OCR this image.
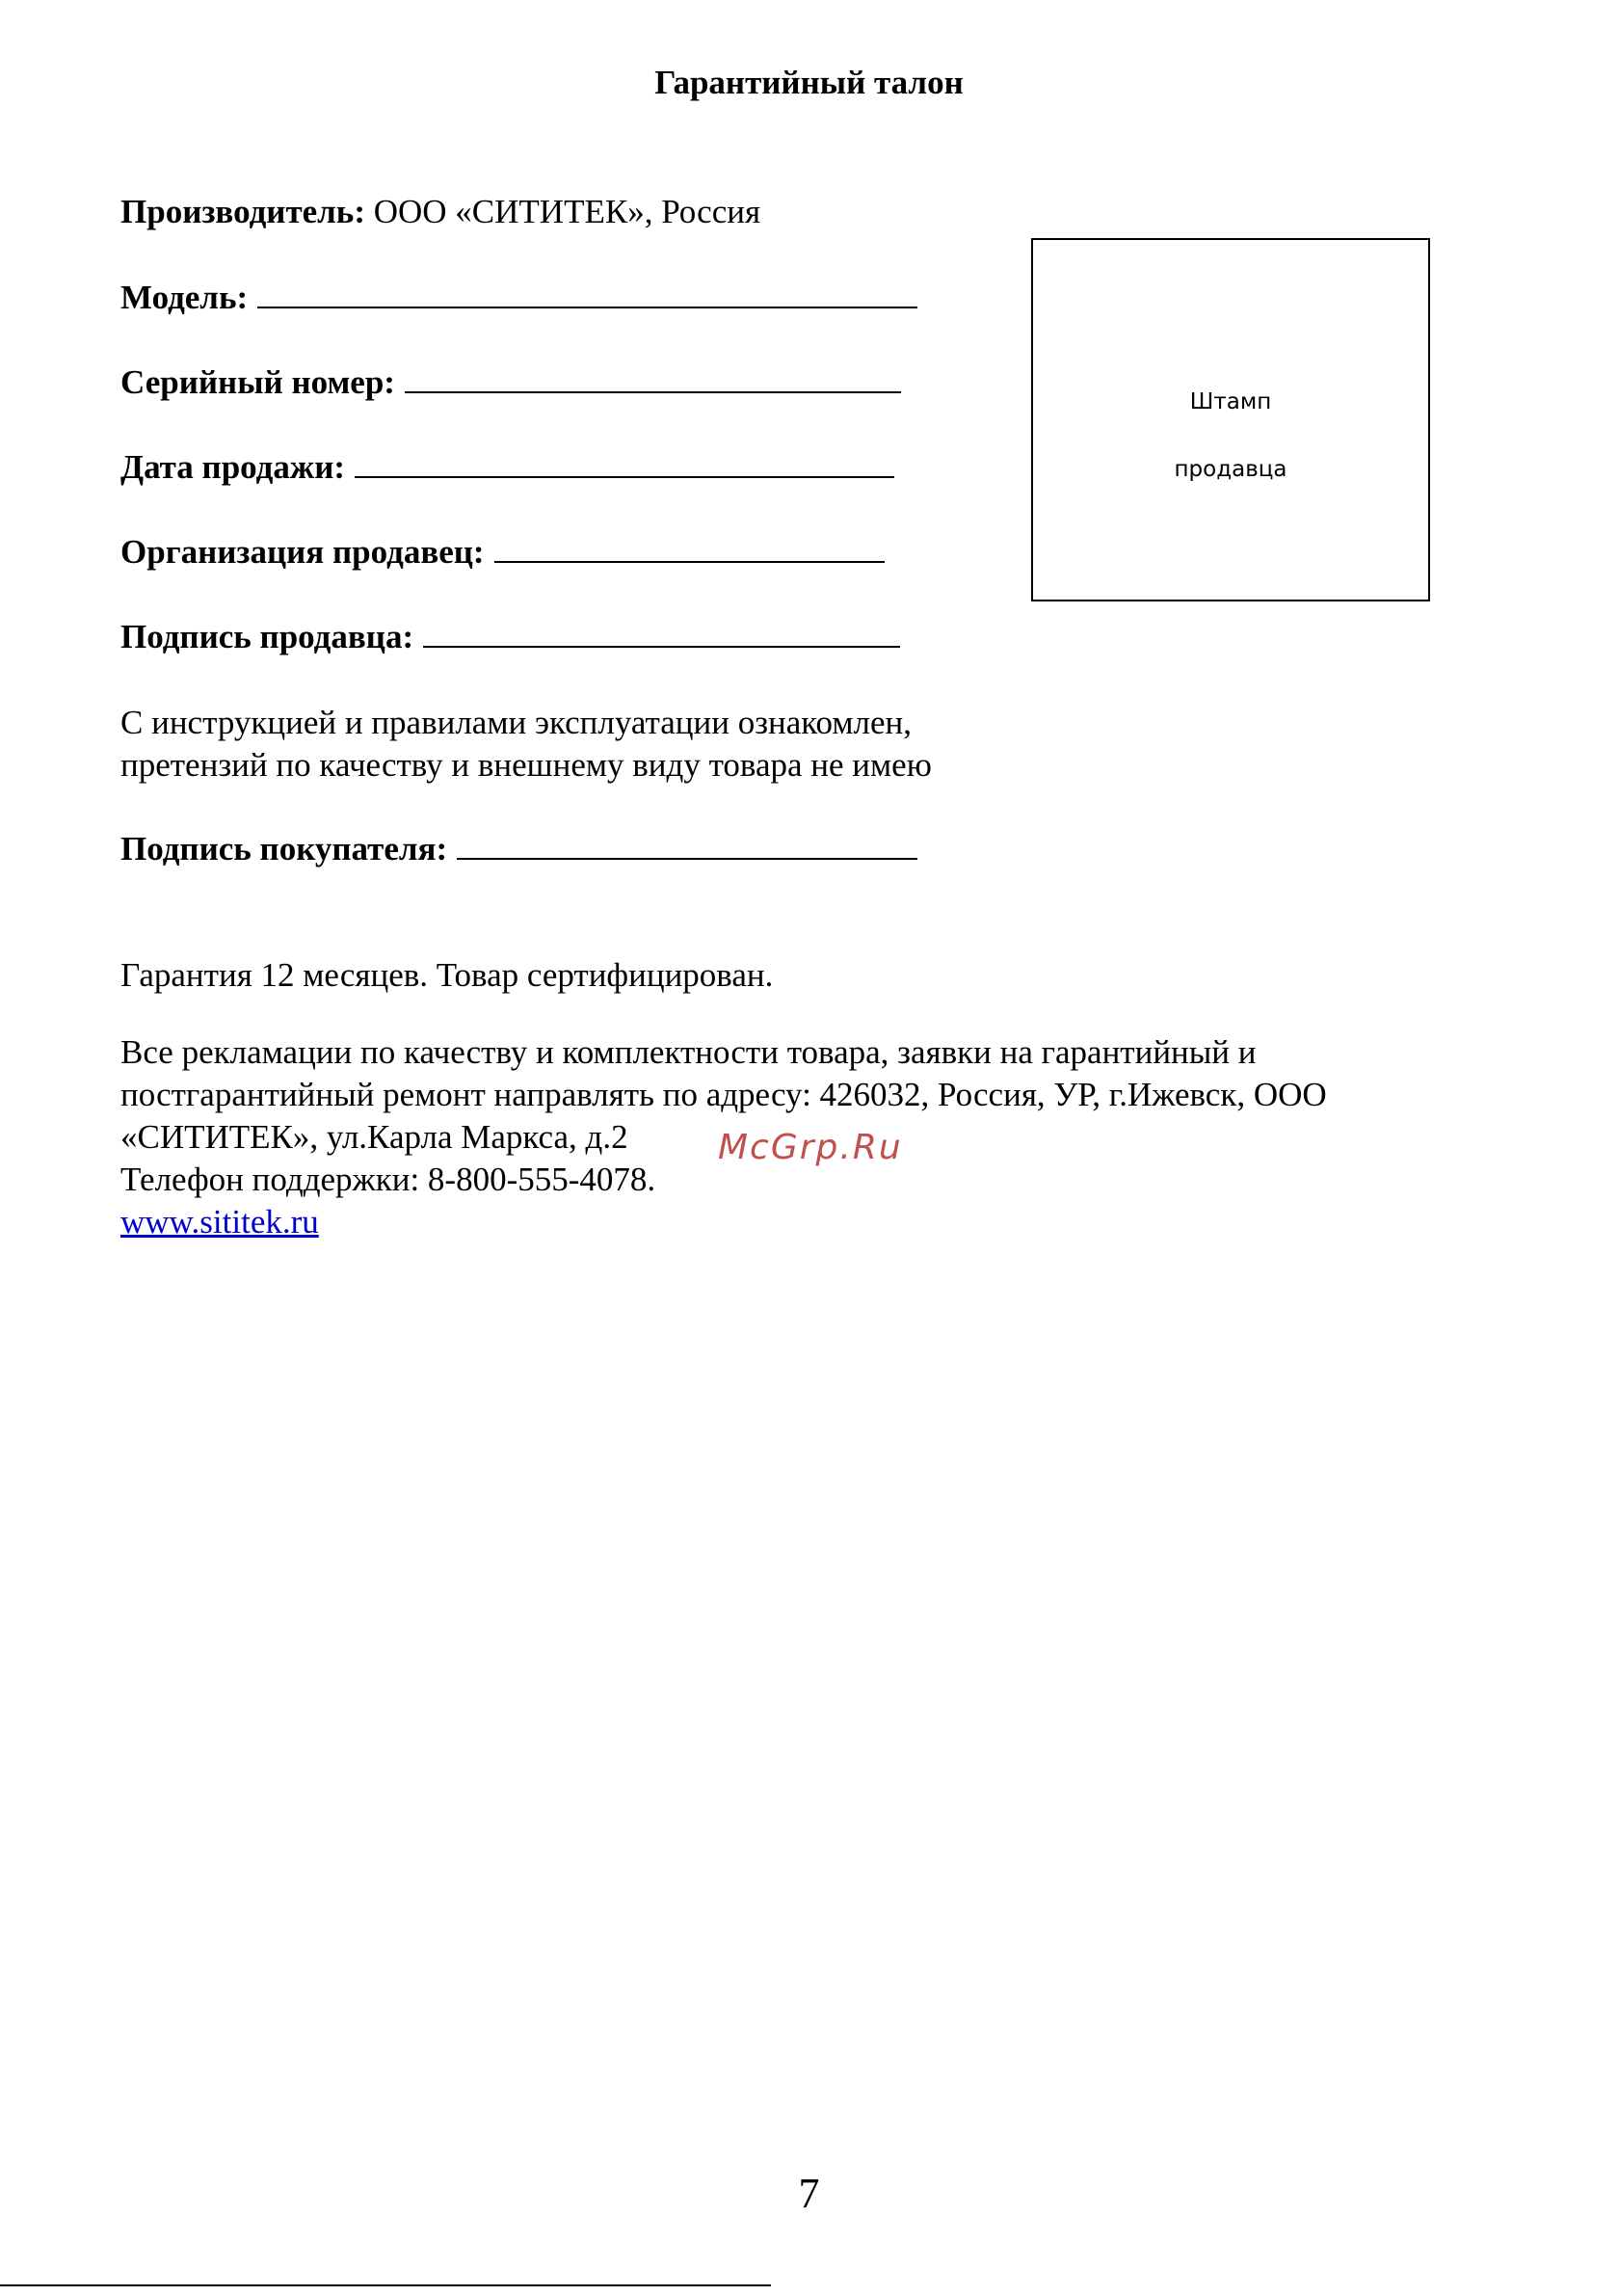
Гарантийный талон
Производитель: ООО «СИТИТЕК», Россия
Модель:
Серийный номер:
Дата продажи:
Организация продавец:
Подпись продавца:
Штамп
продавца
С инструкцией и правилами эксплуатации ознакомлен,
претензий по качеству и внешнему виду товара не имею
Подпись покупателя:
Гарантия 12 месяцев. Товар сертифицирован.
Все рекламации по качеству и комплектности товара, заявки на гарантийный и
постгарантийный ремонт направлять по адресу: 426032, Россия, УР, г.Ижевск, ООО
«СИТИТЕК», ул.Карла Маркса, д.2
Телефон поддержки: 8-800-555-4078.
www.sititek.ru
McGrp.Ru
7
